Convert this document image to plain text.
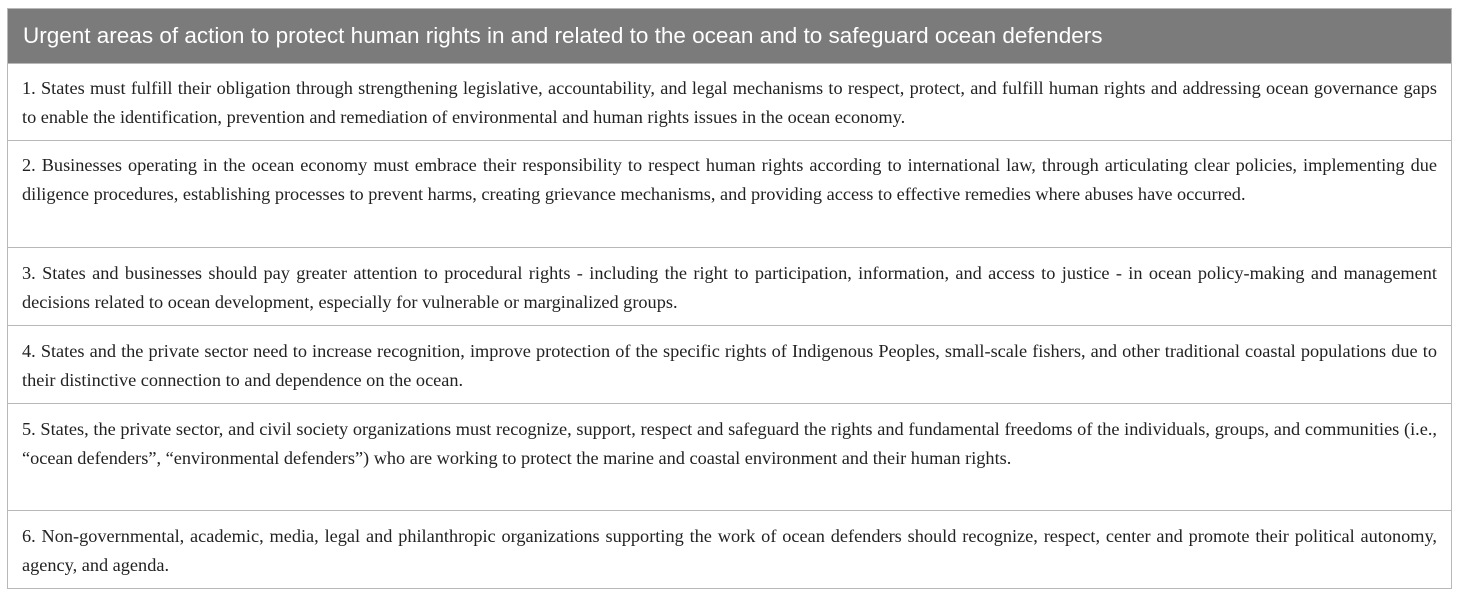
Urgent areas of action to protect human rights in and related to the ocean and to safeguard ocean defenders
1. States must fulfill their obligation through strengthening legislative, accountability, and legal mechanisms to respect, protect, and fulfill human rights and addressing ocean governance gaps to enable the identification, prevention and remediation of environmental and human rights issues in the ocean economy.
2. Businesses operating in the ocean economy must embrace their responsibility to respect human rights according to international law, through articulating clear policies, implementing due diligence procedures, establishing processes to prevent harms, creating grievance mechanisms, and providing access to effective remedies where abuses have occurred.
3. States and businesses should pay greater attention to procedural rights - including the right to participation, information, and access to justice - in ocean policy-making and management decisions related to ocean development, especially for vulnerable or marginalized groups.
4. States and the private sector need to increase recognition, improve protection of the specific rights of Indigenous Peoples, small-scale fishers, and other traditional coastal populations due to their distinctive connection to and dependence on the ocean.
5. States, the private sector, and civil society organizations must recognize, support, respect and safeguard the rights and fundamental freedoms of the individuals, groups, and communities (i.e., “ocean defenders”, “environmental defenders”) who are working to protect the marine and coastal environment and their human rights.
6. Non-governmental, academic, media, legal and philanthropic organizations supporting the work of ocean defenders should recognize, respect, center and promote their political autonomy, agency, and agenda.
